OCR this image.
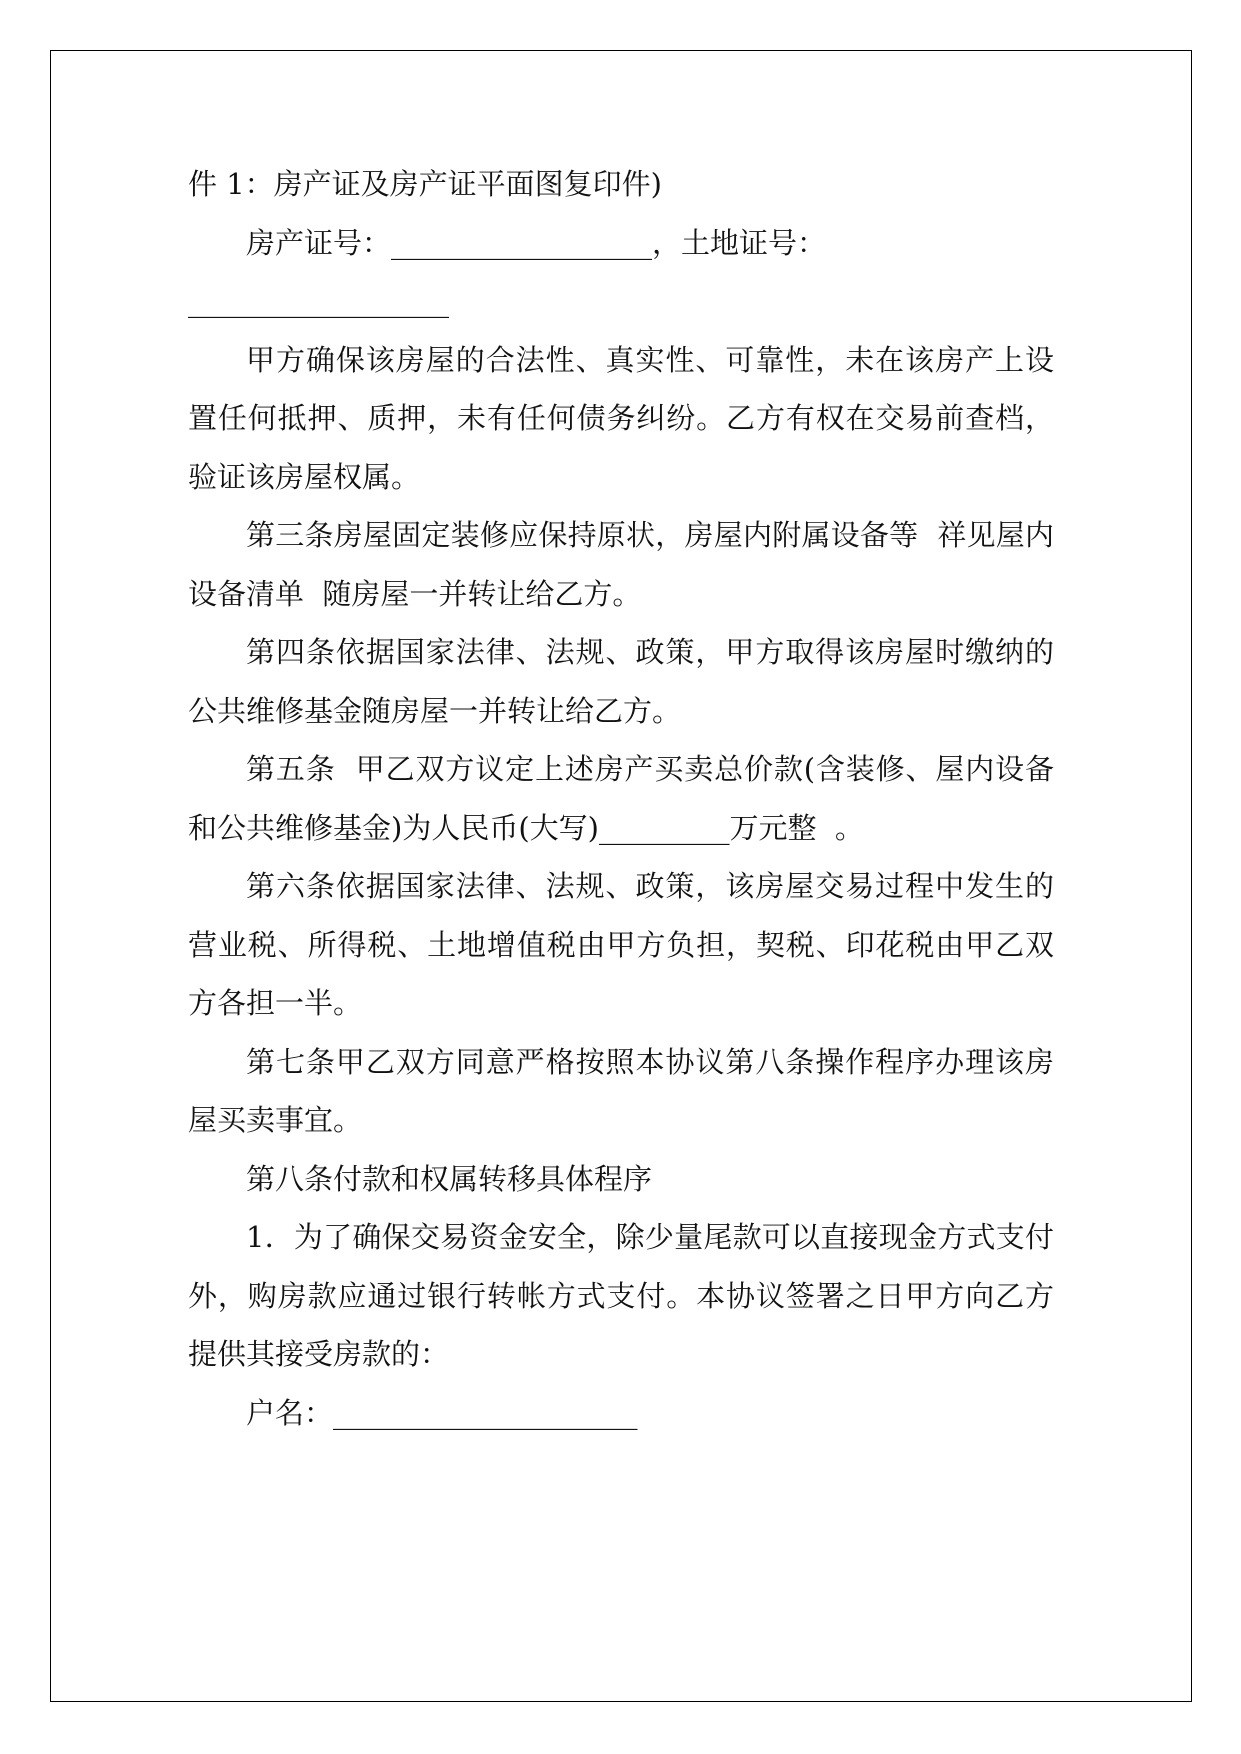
件 1：房产证及房产证平面图复印件)

房产证号：__________________，土地证号：

__________________

甲方确保该房屋的合法性、真实性、可靠性，未在该房产上设置任何抵押、质押，未有任何债务纠纷。乙方有权在交易前查档，验证该房屋权属。

第三条房屋固定装修应保持原状，房屋内附属设备等  祥见屋内设备清单  随房屋一并转让给乙方。

第四条依据国家法律、法规、政策，甲方取得该房屋时缴纳的公共维修基金随房屋一并转让给乙方。

第五条  甲乙双方议定上述房产买卖总价款(含装修、屋内设备和公共维修基金)为人民币(大写)_________万元整  。

第六条依据国家法律、法规、政策，该房屋交易过程中发生的营业税、所得税、土地增值税由甲方负担，契税、印花税由甲乙双方各担一半。

第七条甲乙双方同意严格按照本协议第八条操作程序办理该房屋买卖事宜。

第八条付款和权属转移具体程序

1．为了确保交易资金安全，除少量尾款可以直接现金方式支付外，购房款应通过银行转帐方式支付。本协议签署之日甲方向乙方提供其接受房款的：

户名：_____________________
